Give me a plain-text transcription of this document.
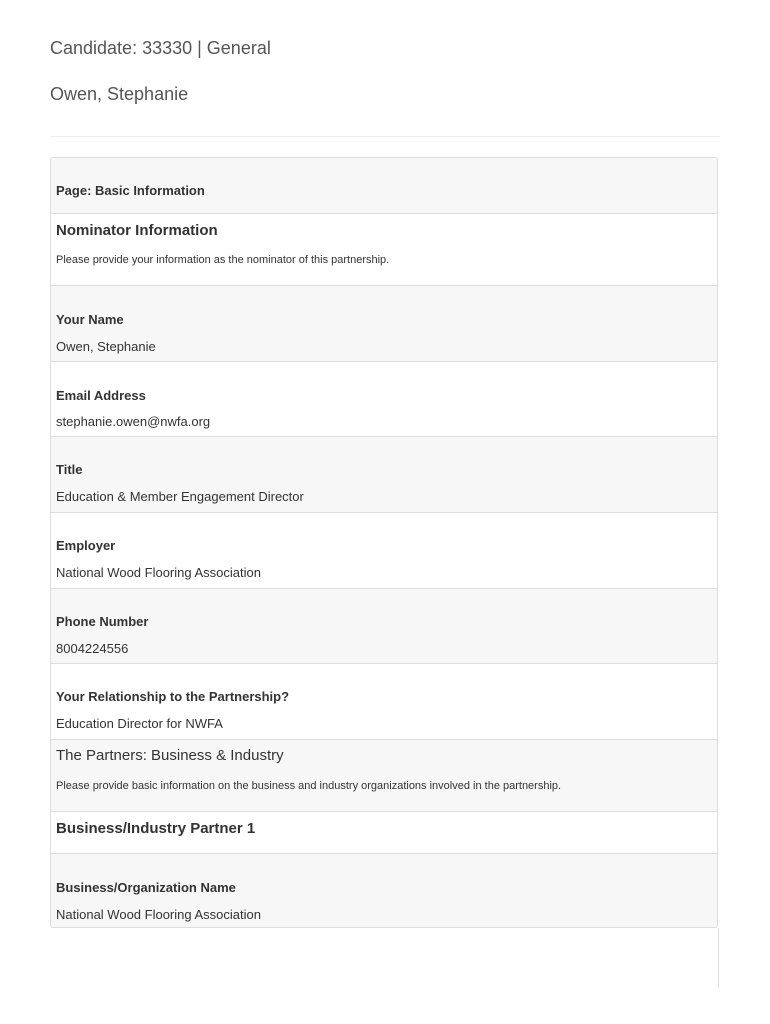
Candidate: 33330 | General
Owen, Stephanie
Page: Basic Information
Nominator Information
Please provide your information as the nominator of this partnership.
Your Name
Owen, Stephanie
Email Address
stephanie.owen@nwfa.org
Title
Education & Member Engagement Director
Employer
National Wood Flooring Association
Phone Number
8004224556
Your Relationship to the Partnership?
Education Director for NWFA
The Partners: Business & Industry
Please provide basic information on the business and industry organizations involved in the partnership.
Business/Industry Partner 1
Business/Organization Name
National Wood Flooring Association
